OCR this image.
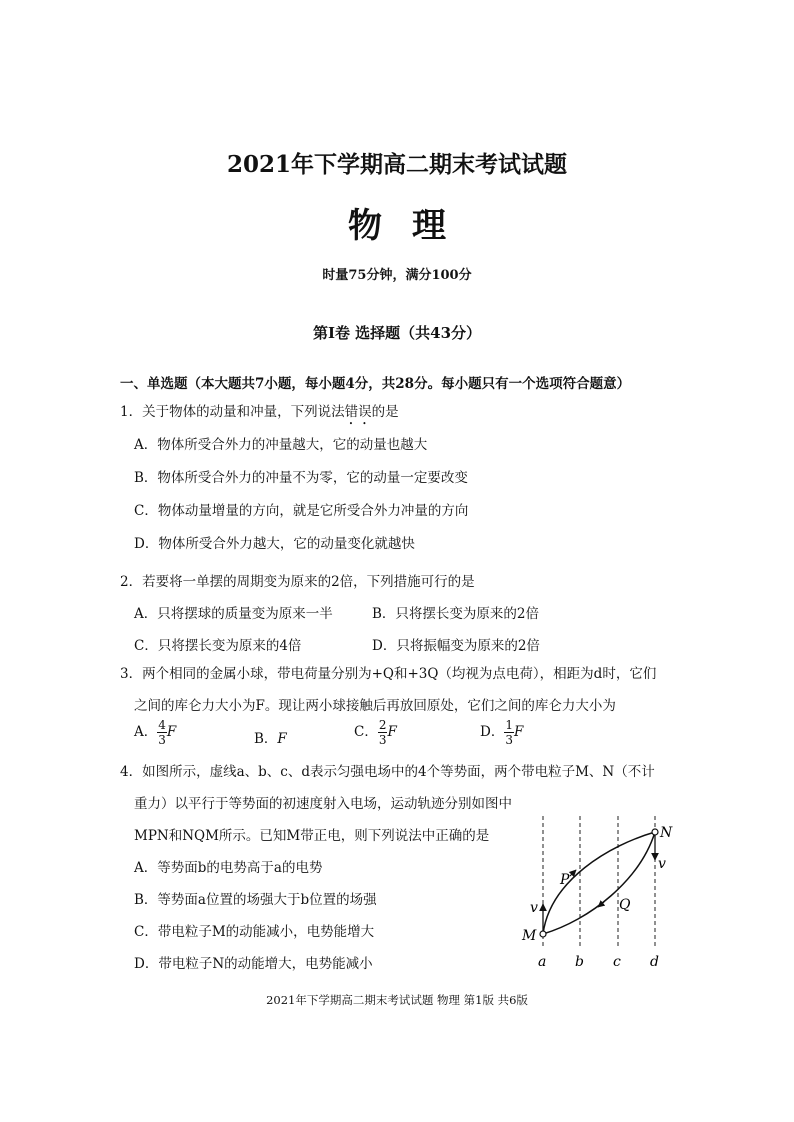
2021年下学期高二期末考试试题
物理
时量75分钟，满分100分
第Ⅰ卷 选择题（共43分）
一、单选题（本大题共7小题，每小题4分，共28分。每小题只有一个选项符合题意）
1．关于物体的动量和冲量，下列说法错误的是
A．物体所受合外力的冲量越大，它的动量也越大
B．物体所受合外力的冲量不为零，它的动量一定要改变
C．物体动量增量的方向，就是它所受合外力冲量的方向
D．物体所受合外力越大，它的动量变化就越快
2．若要将一单摆的周期变为原来的2倍，下列措施可行的是
A．只将摆球的质量变为原来一半	B．只将摆长变为原来的2倍
C．只将摆长变为原来的4倍	D．只将振幅变为原来的2倍
3．两个相同的金属小球，带电荷量分别为+Q和+3Q（均视为点电荷），相距为d时，它们
之间的库仑力大小为F。现让两小球接触后再放回原处，它们之间的库仑力大小为
A． $\frac{4}{3}$ F	B．F	C． $\frac{2}{3}$ F	D． $\frac{1}{3}$ F
4．如图所示，虚线a、b、c、d表示匀强电场中的4个等势面，两个带电粒子M、N（不计
重力）以平行于等势面的初速度射入电场，运动轨迹分别如图中
MPN和NQM所示。已知M带正电，则下列说法中正确的是
A．等势面b的电势高于a的电势
B．等势面a位置的场强大于b位置的场强
C．带电粒子M的动能减小，电势能增大
D．带电粒子N的动能增大，电势能减小
M
N
P
Q
v
v
a b c d
2021年下学期高二期末考试试题 物理 第1版 共6版
